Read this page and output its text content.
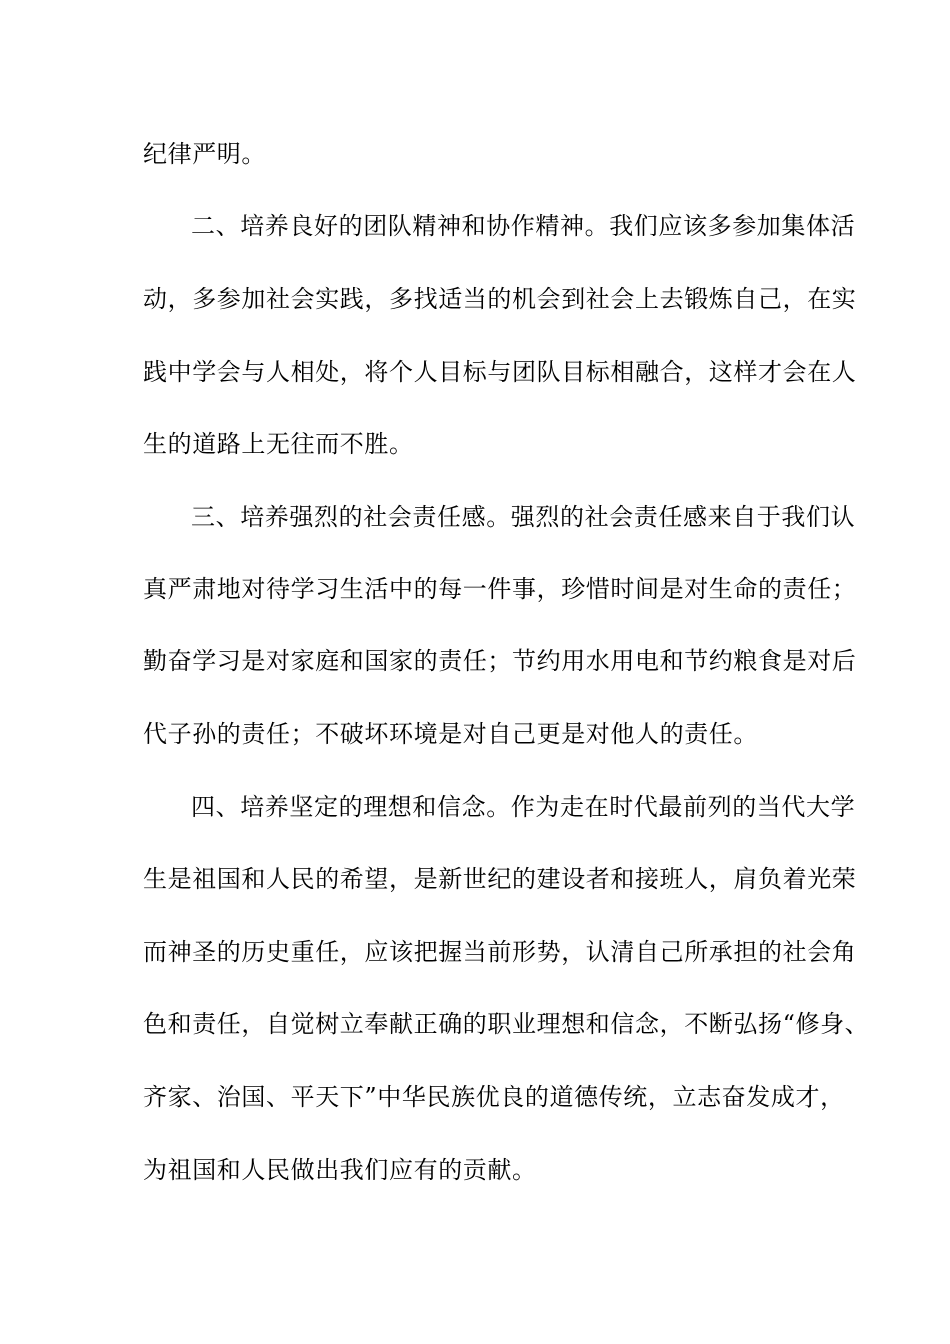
纪律严明。
二、培养良好的团队精神和协作精神。我们应该多参加集体活
动，多参加社会实践，多找适当的机会到社会上去锻炼自己，在实
践中学会与人相处，将个人目标与团队目标相融合，这样才会在人
生的道路上无往而不胜。
三、培养强烈的社会责任感。强烈的社会责任感来自于我们认
真严肃地对待学习生活中的每一件事，珍惜时间是对生命的责任；
勤奋学习是对家庭和国家的责任；节约用水用电和节约粮食是对后
代子孙的责任；不破坏环境是对自己更是对他人的责任。
四、培养坚定的理想和信念。作为走在时代最前列的当代大学
生是祖国和人民的希望，是新世纪的建设者和接班人，肩负着光荣
而神圣的历史重任，应该把握当前形势，认清自己所承担的社会角
色和责任，自觉树立奉献正确的职业理想和信念，不断弘扬“修身、
齐家、治国、平天下”中华民族优良的道德传统，立志奋发成才，
为祖国和人民做出我们应有的贡献。
